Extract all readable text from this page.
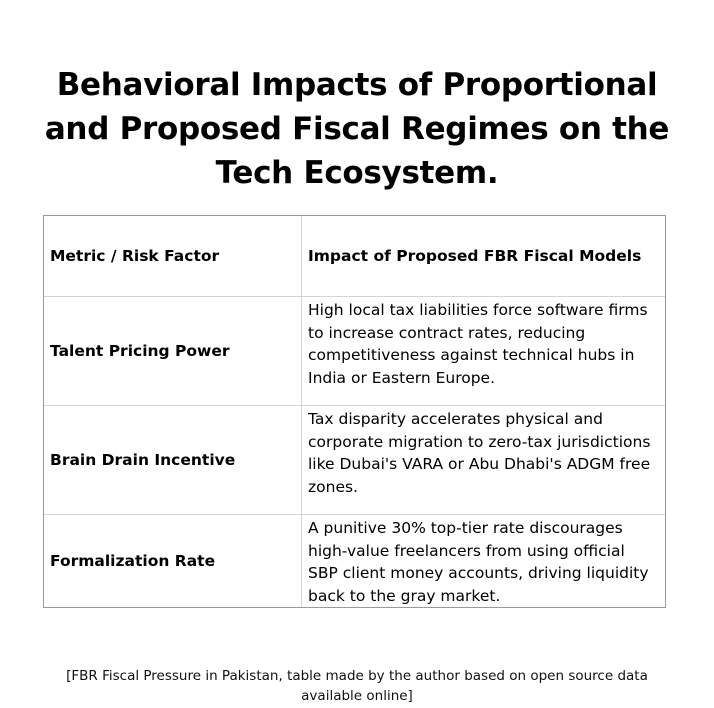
Behavioral Impacts of Proportional
and Proposed Fiscal Regimes on the
Tech Ecosystem.
Metric / Risk Factor	Impact of Proposed FBR Fiscal Models
Talent Pricing Power	High local tax liabilities force software firms to increase contract rates, reducing competitiveness against technical hubs in India or Eastern Europe.
Brain Drain Incentive	Tax disparity accelerates physical and corporate migration to zero-tax jurisdictions like Dubai's VARA or Abu Dhabi's ADGM free zones.
Formalization Rate	A punitive 30% top-tier rate discourages high-value freelancers from using official SBP client money accounts, driving liquidity back to the gray market.
[FBR Fiscal Pressure in Pakistan, table made by the author based on open source data available online]
